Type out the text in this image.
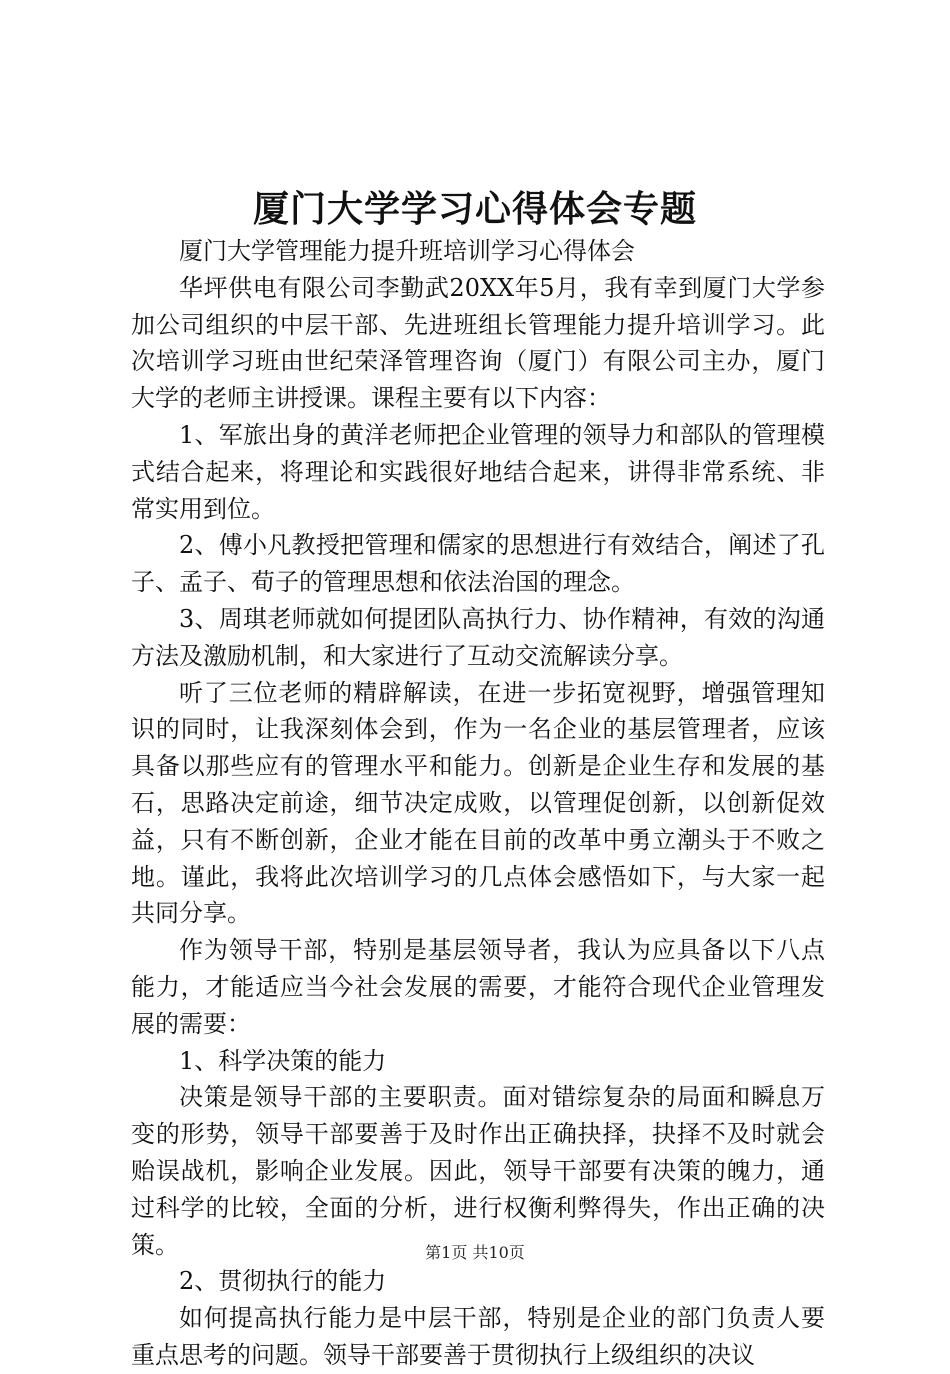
厦门大学学习心得体会专题

厦门大学管理能力提升班培训学习心得体会

华坪供电有限公司李勤武20XX年5月，我有幸到厦门大学参加公司组织的中层干部、先进班组长管理能力提升培训学习。此次培训学习班由世纪荣泽管理咨询（厦门）有限公司主办，厦门大学的老师主讲授课。课程主要有以下内容：

1、军旅出身的黄洋老师把企业管理的领导力和部队的管理模式结合起来，将理论和实践很好地结合起来，讲得非常系统、非常实用到位。

2、傅小凡教授把管理和儒家的思想进行有效结合，阐述了孔子、孟子、荀子的管理思想和依法治国的理念。

3、周琪老师就如何提团队高执行力、协作精神，有效的沟通方法及激励机制，和大家进行了互动交流解读分享。

听了三位老师的精辟解读，在进一步拓宽视野，增强管理知识的同时，让我深刻体会到，作为一名企业的基层管理者，应该具备以那些应有的管理水平和能力。创新是企业生存和发展的基石，思路决定前途，细节决定成败，以管理促创新，以创新促效益，只有不断创新，企业才能在目前的改革中勇立潮头于不败之地。谨此，我将此次培训学习的几点体会感悟如下，与大家一起共同分享。

作为领导干部，特别是基层领导者，我认为应具备以下八点能力，才能适应当今社会发展的需要，才能符合现代企业管理发展的需要：

1、科学决策的能力

决策是领导干部的主要职责。面对错综复杂的局面和瞬息万变的形势，领导干部要善于及时作出正确抉择，抉择不及时就会贻误战机，影响企业发展。因此，领导干部要有决策的魄力，通过科学的比较，全面的分析，进行权衡利弊得失，作出正确的决策。

2、贯彻执行的能力

如何提高执行能力是中层干部，特别是企业的部门负责人要重点思考的问题。领导干部要善于贯彻执行上级组织的决议

第1页 共10页
